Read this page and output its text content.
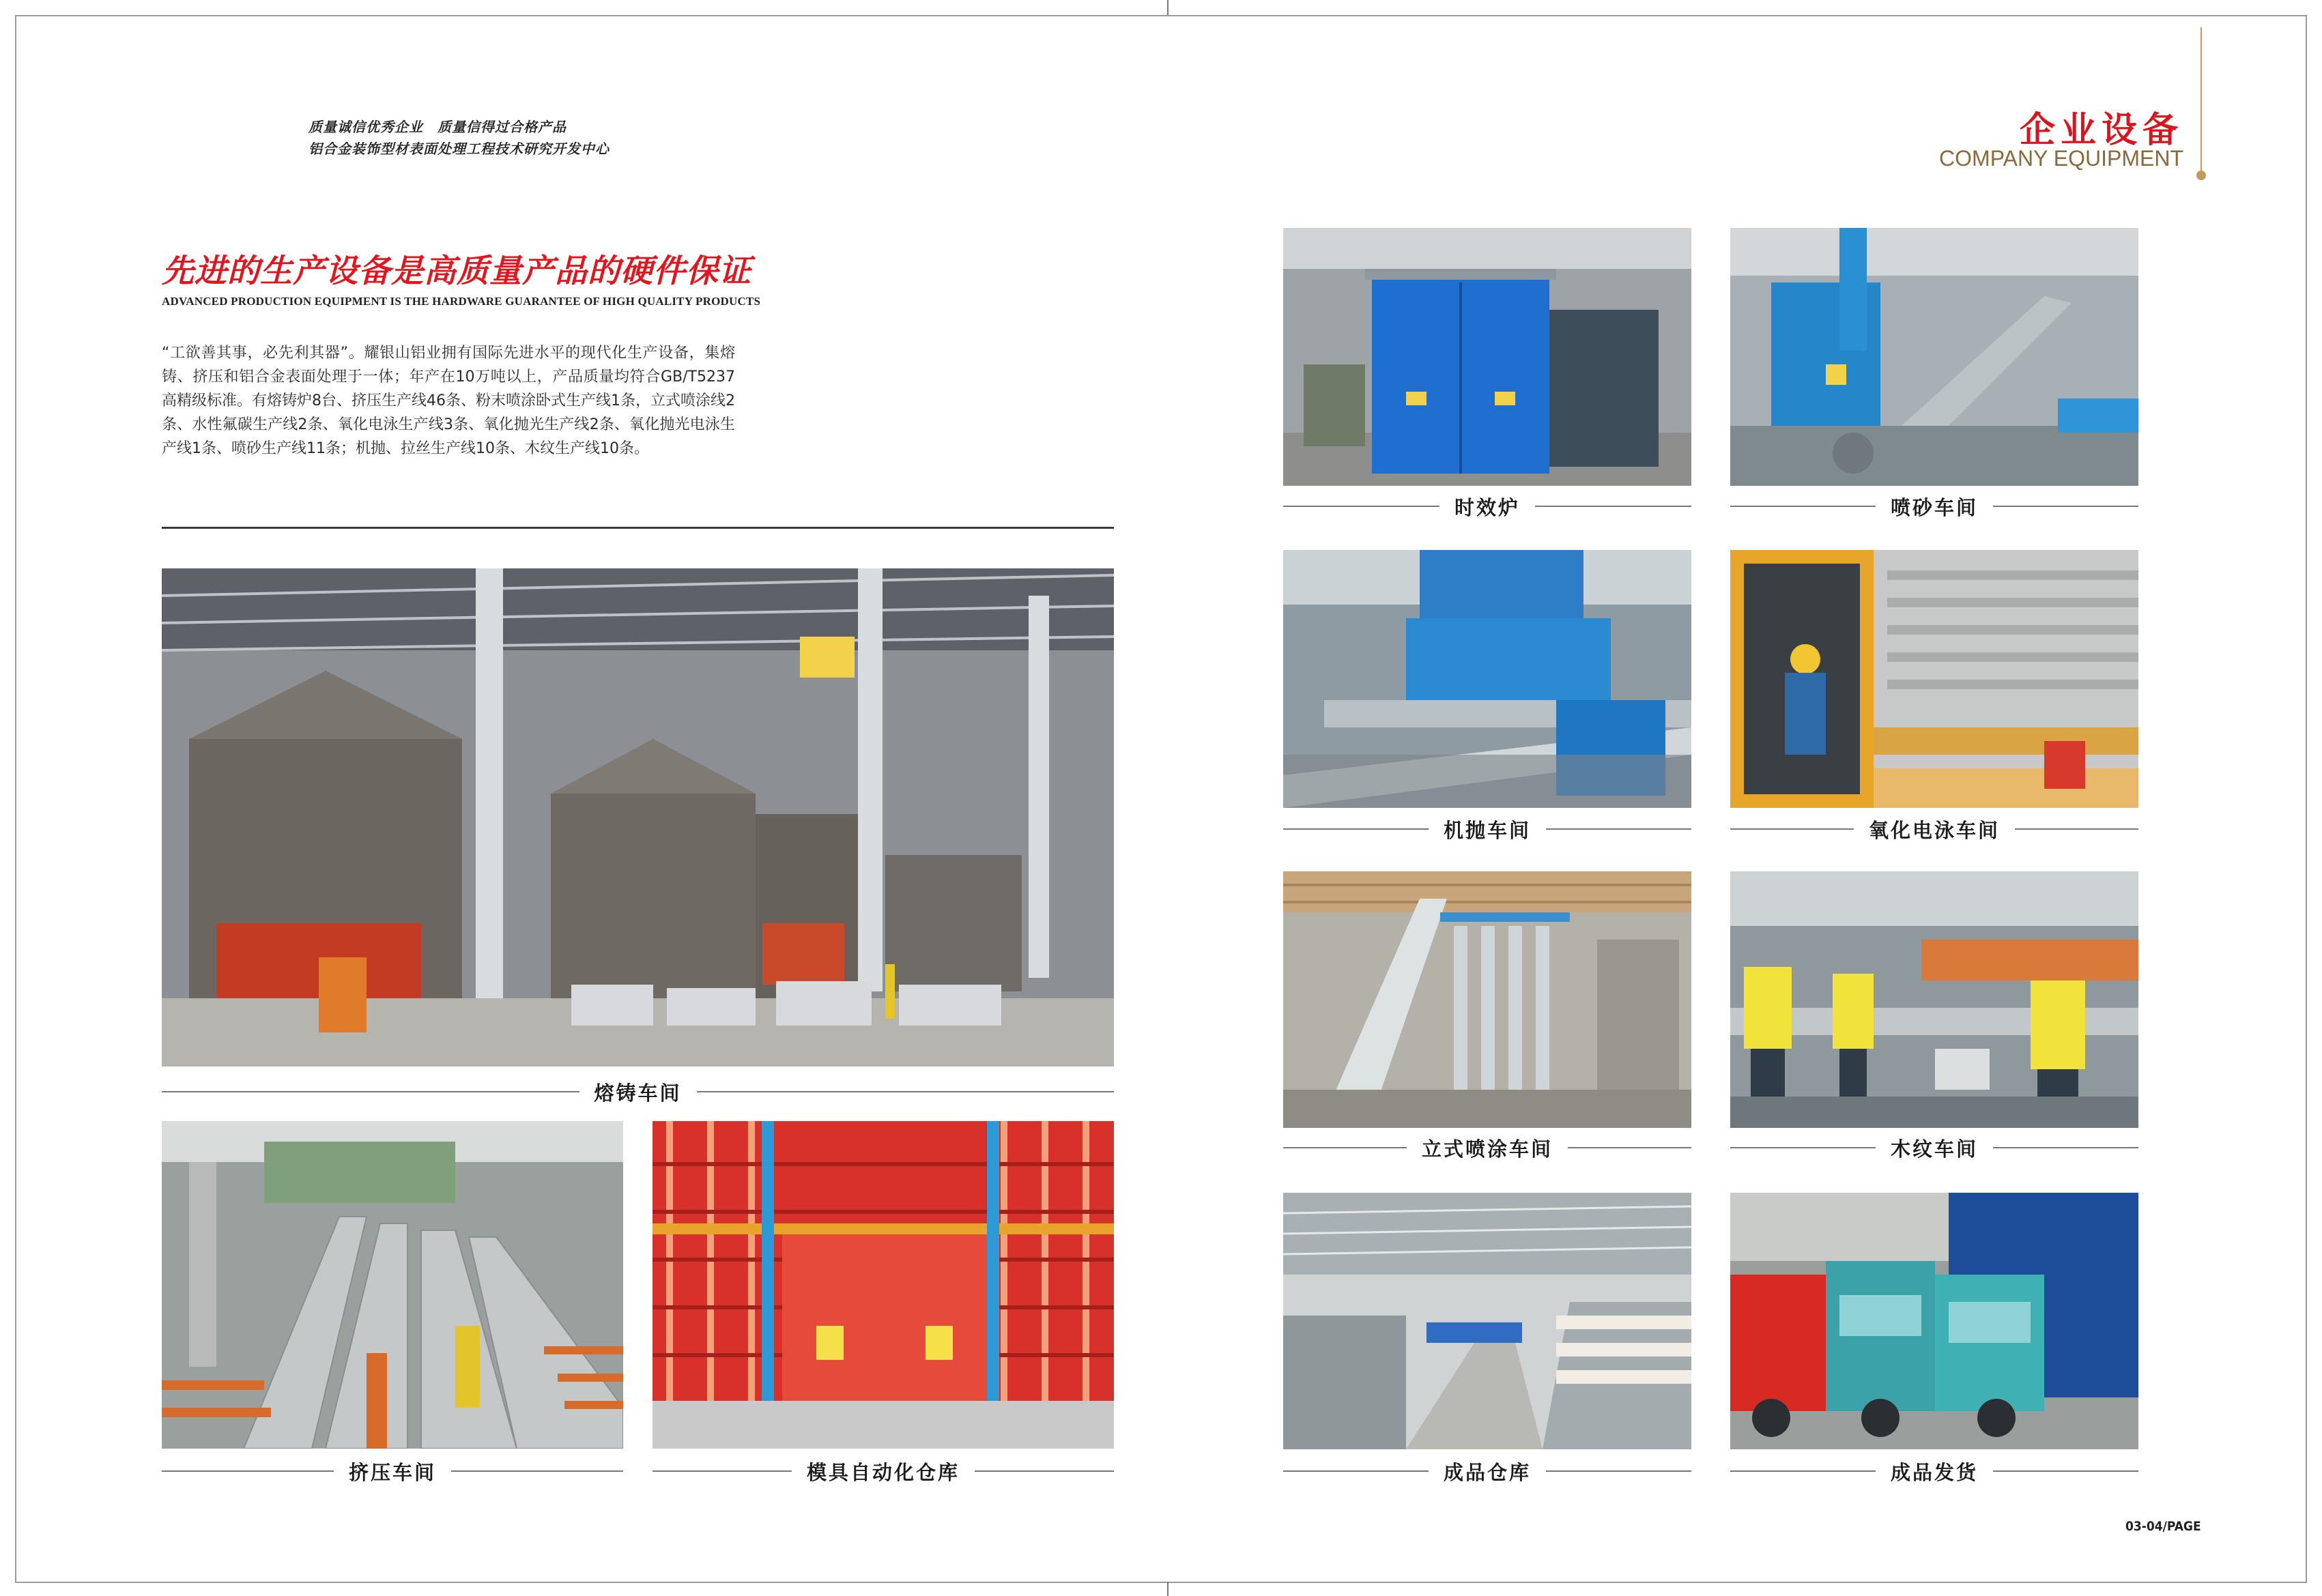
质量诚信优秀企业　质量信得过合格产品
铝合金装饰型材表面处理工程技术研究开发中心	企业设备
COMPANY EQUIPMENT
先进的生产设备是高质量产品的硬件保证
ADVANCED PRODUCTION EQUIPMENT IS THE HARDWARE GUARANTEE OF HIGH QUALITY PRODUCTS
“工欲善其事，必先利其器”。耀银山铝业拥有国际先进水平的现代化生产设备，集熔铸、挤压和铝合金表面处理于一体；年产在10万吨以上，产品质量均符合GB/T5237高精级标准。有熔铸炉8台、挤压生产线46条、粉末喷涂卧式生产线1条，立式喷涂线2条、水性氟碳生产线2条、氧化电泳生产线3条、氧化抛光生产线2条、氧化抛光电泳生产线1条、喷砂生产线11条；机抛、拉丝生产线10条、木纹生产线10条。
熔铸车间
挤压车间	模具自动化仓库
时效炉	喷砂车间
机抛车间	氧化电泳车间
立式喷涂车间	木纹车间
成品仓库	成品发货
03-04/PAGE
